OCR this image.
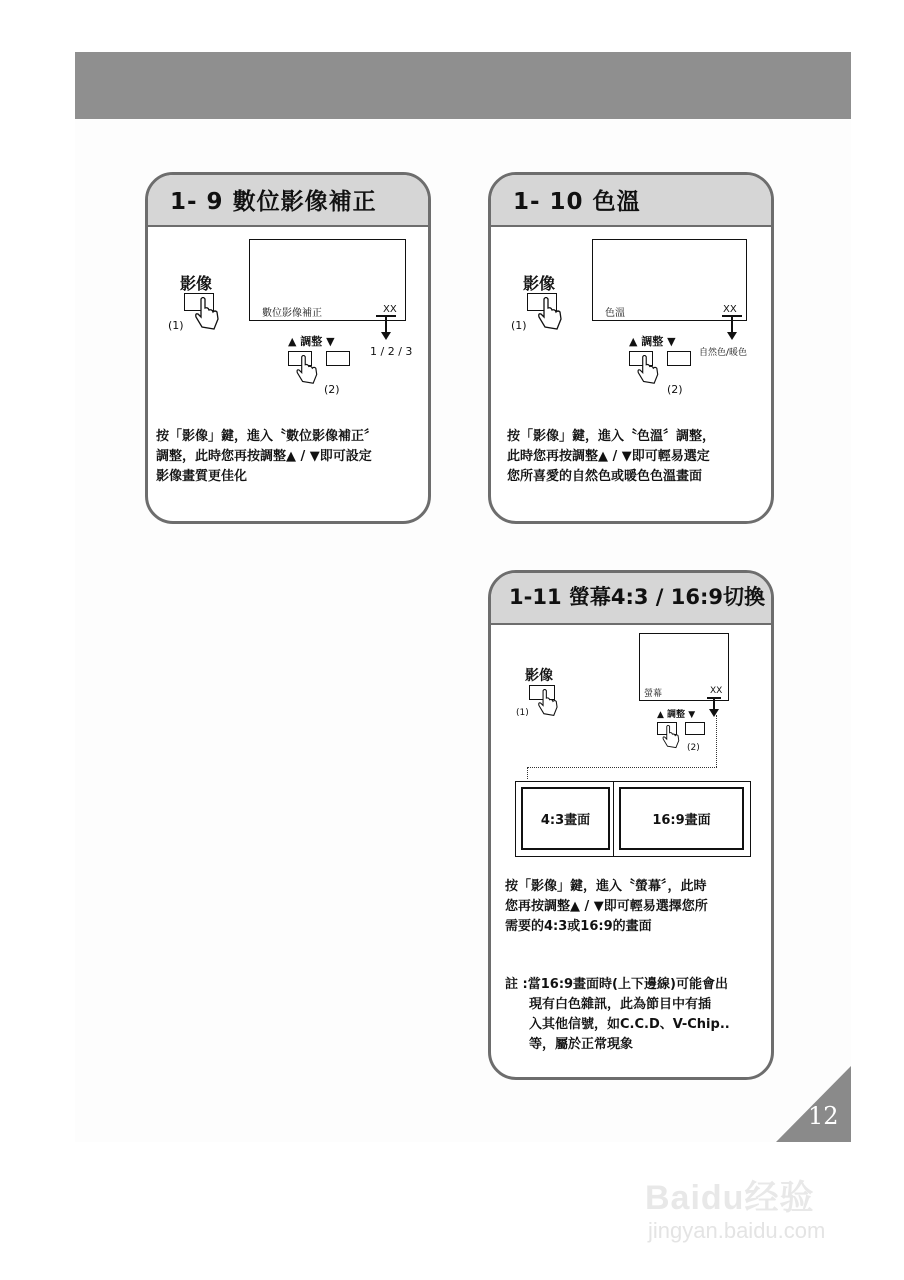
1- 9 數位影像補正
影像
(1)
數位影像補正	XX
1 / 2 / 3
▲ 調整 ▼
(2)
按「影像」鍵，進入〝數位影像補正〞
調整，此時您再按調整▲ / ▼即可設定
影像畫質更佳化
1- 10 色溫
影像
(1)
色溫	XX
自然色/暖色
▲ 調整 ▼
(2)
按「影像」鍵，進入〝色溫〞調整，
此時您再按調整▲ / ▼即可輕易選定
您所喜愛的自然色或暖色色溫畫面
1-11 螢幕4:3 / 16:9切換
影像
(1)
螢幕	XX
▲ 調整 ▼
(2)
4:3畫面	16:9畫面
按「影像」鍵，進入〝螢幕〞，此時
您再按調整▲ / ▼即可輕易選擇您所
需要的4:3或16:9的畫面
註 :當16:9畫面時(上下邊線)可能會出
現有白色雜訊，此為節目中有插
入其他信號，如C.C.D、V-Chip..
等，屬於正常現象
12
Baidu经验
jingyan.baidu.com
